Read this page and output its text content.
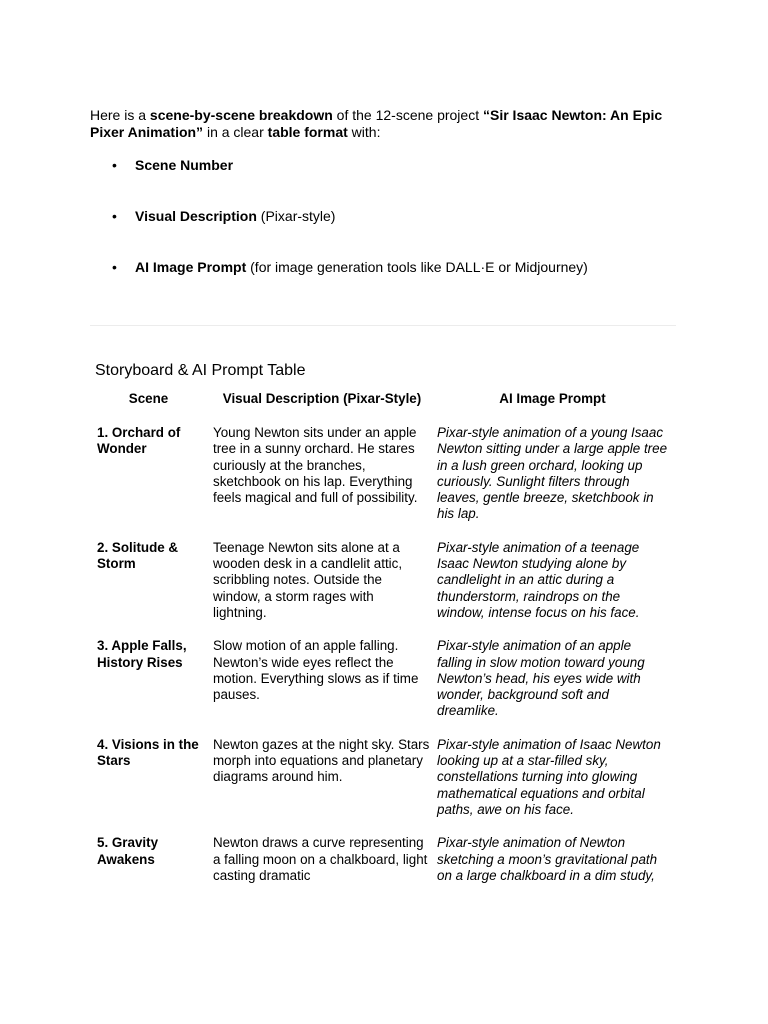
Here is a scene-by-scene breakdown of the 12-scene project “Sir Isaac Newton: An Epic Pixer Animation” in a clear table format with:
• Scene Number
• Visual Description (Pixar-style)
• AI Image Prompt (for image generation tools like DALL·E or Midjourney)
Storyboard & AI Prompt Table
Scene	Visual Description (Pixar-Style)	AI Image Prompt
1. Orchard of Wonder
Young Newton sits under an apple tree in a sunny orchard. He stares curiously at the branches, sketchbook on his lap. Everything feels magical and full of possibility.
Pixar-style animation of a young Isaac Newton sitting under a large apple tree in a lush green orchard, looking up curiously. Sunlight filters through leaves, gentle breeze, sketchbook in his lap.
2. Solitude & Storm
Teenage Newton sits alone at a wooden desk in a candlelit attic, scribbling notes. Outside the window, a storm rages with lightning.
Pixar-style animation of a teenage Isaac Newton studying alone by candlelight in an attic during a thunderstorm, raindrops on the window, intense focus on his face.
3. Apple Falls, History Rises
Slow motion of an apple falling. Newton’s wide eyes reflect the motion. Everything slows as if time pauses.
Pixar-style animation of an apple falling in slow motion toward young Newton’s head, his eyes wide with wonder, background soft and dreamlike.
4. Visions in the Stars
Newton gazes at the night sky. Stars morph into equations and planetary diagrams around him.
Pixar-style animation of Isaac Newton looking up at a star-filled sky, constellations turning into glowing mathematical equations and orbital paths, awe on his face.
5. Gravity Awakens
Newton draws a curve representing a falling moon on a chalkboard, light casting dramatic
Pixar-style animation of Newton sketching a moon’s gravitational path on a large chalkboard in a dim study,
